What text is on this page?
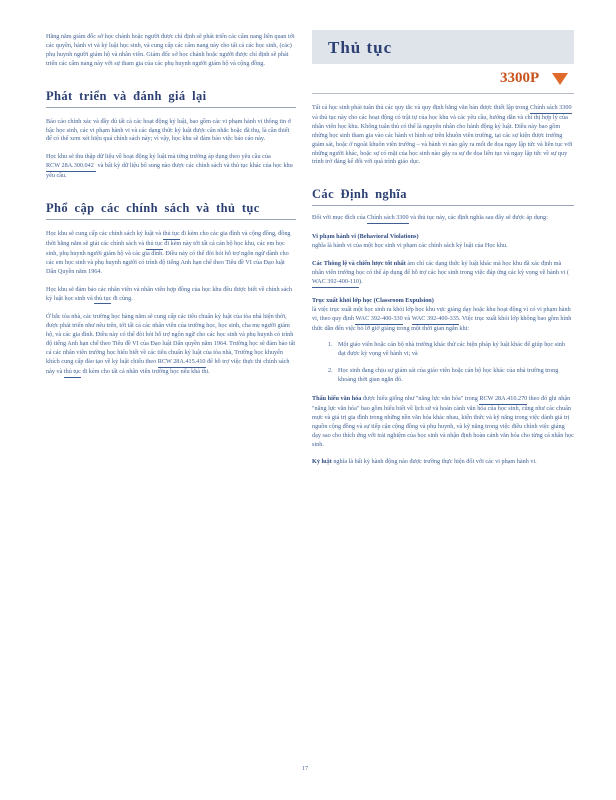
Hằng năm giám đốc sở học chánh hoặc người được chỉ định sẽ phát triển các cẩm nang liên quan tới các quyền, hành vi và kỷ luật học sinh, và cung cấp các cẩm nang này cho tất cả các học sinh, (các) phụ huynh người giám hộ và nhân viên. Giám đốc sở học chánh hoặc người được chỉ định sẽ phát triển các cẩm nang này với sự tham gia của các phụ huynh người giám hộ và cộng đồng.

Phát triển và đánh giá lại

Báo cáo chính xác và đầy đủ tất cả các hoạt động kỷ luật, bao gồm các vi phạm hành vi thông tin ở bậc học sinh, các vi phạm hành vi và các dạng thức kỷ luật được cân nhắc hoặc đã thụ, là cần thiết để có thể xem xét hiệu quả chính sách này; vì vậy, học khu sẽ đảm bảo việc báo cáo này.

Học khu sẽ thu thập dữ liệu về hoạt động kỷ luật mà từng trường áp dụng theo yêu cầu của RCW 28A.300.042 và bất kỳ dữ liệu bổ sung nào được các chính sách và thủ tục khác của học khu yêu cầu.

Phổ cập các chính sách và thủ tục

Học khu sẽ cung cấp các chính sách kỷ luật và thủ tục đi kèm cho các gia đình và cộng đồng, đồng thời hằng năm sẽ giải các chính sách và thủ tục đi kèm này tới tất cả cán bộ học khu, các em học sinh, phụ huynh người giám hộ và các gia đình. Điều này có thể đòi hỏi hỗ trợ ngôn ngữ dành cho các em học sinh và phụ huynh người có trình độ tiếng Anh hạn chế theo Tiêu đề VI của Đạo luật Dân Quyền năm 1964.

Học khu sẽ đảm bảo các nhân viên và nhân viên hợp đồng của học khu đều được biết về chính sách kỷ luật học sinh và thủ tục đi cùng.

Ở bắc tòa nhà, các trường học hàng năm sẽ cung cấp các tiêu chuẩn kỷ luật của tòa nhà hiện thời, được phát triển như nêu trên, tới tất cả các nhân viên của trường học, học sinh, cha mẹ người giám hộ, và các gia đình. Điều này có thể đòi hỏi hỗ trợ ngôn ngữ cho các học sinh và phụ huynh có trình độ tiếng Anh hạn chế theo Tiêu đề VI của Đạo luật Dân quyền năm 1964. Trường học sẽ đảm bảo tất cả các nhân viên trường học hiểu biết về các tiêu chuẩn kỷ luật của tòa nhà, Trường học khuyến khích cung cấp đào tạo về kỷ luật chiếu theo RCW 28A.415.410 để hỗ trợ việc thực thi chính sách này và thủ tục đi kèm cho tất cả nhân viên trường học nếu khả thi.

Thủ tục
3300P

Tất cả học sinh phải tuân thủ các quy tắc và quy định bằng văn bản được thiết lập trong Chính sách 3300 và thủ tục này cho các hoạt động có trật tự của học khu và các yêu cầu, hướng dẫn và chỉ thị hợp lý của nhân viên học khu. Không tuân thủ có thể là nguyên nhân cho hành động kỷ luật. Điều này bao gồm những học sinh tham gia vào các hành vi hình sự trên khuôn viên trường, tại các sự kiện được trường giám sát, hoặc ở ngoài khuôn viên trường – và hành vi nào gây ra mối đe dọa ngay lập tức và liên tục với những người khác, hoặc sự có mặt của học sinh nào gây ra sự đe dọa liên tục và ngay lập tức về sự quy trình trở đáng kể đối với quá trình giáo dục.

Các Định nghĩa

Đối với mục đích của Chính sách 3300 và thủ tục này, các định nghĩa sau đây sẽ được áp dụng:

Vi phạm hành vi (Behavioral Violations)
nghĩa là hành vi của một học sinh vi phạm các chính sách kỷ luật của Học khu.

Các Thông lệ và chiến lược tốt nhất ám chỉ các dạng thức kỷ luật khác mà học khu đã xác định mà nhân viên trường học có thể áp dụng để hỗ trợ các học sinh trong việc đáp ứng các kỳ vọng về hành vi ( WAC 392-400-110).

Trục xuất khỏi lớp học (Classroom Expulsion)
là việc trục xuất một học sinh ra khỏi lớp học khu vực giảng dạy hoặc khu hoạt động vì có vi phạm hành vi, theo quy định WAC 392-400-330 và WAC 392-400-335. Việc trục xuất khỏi lớp không bao gồm hình thức dẫn đến việc bỏ lỡ giờ giảng trong một thời gian ngắn khi:

1. Một giáo viên hoặc cán bộ nhà trường khác thử các biện pháp kỷ luật khác để giúp học sinh đạt được kỳ vọng về hành vi; và
2. Học sinh đang chịu sự giám sát của giáo viên hoặc cán bộ học khác của nhà trường trong khoảng thời gian ngắn đó.

Thấu hiểu văn hóa được hiểu giống như "năng lực văn hóa" trong RCW 28A.410.270 theo đó ghi nhận "năng lực văn hóa" bao gồm hiểu biết về lịch sử và hoàn cảnh văn hóa của học sinh, cũng như các chuẩn mực và giá trị gia đình trong những nền văn hóa khác nhau, kiến thức và kỹ năng trong việc dành giá trị nguồn cộng đồng và sự tiếp cận cộng đồng và phụ huynh, và kỹ năng trong việc điều chỉnh việc giảng dạy sao cho thích ứng với trải nghiệm của học sinh và nhận định hoàn cảnh văn hóa cho từng cá nhân học sinh.

Kỷ luật nghĩa là bất kỳ hành động nào được trường thực hiện đối với các vi phạm hành vi.

17
